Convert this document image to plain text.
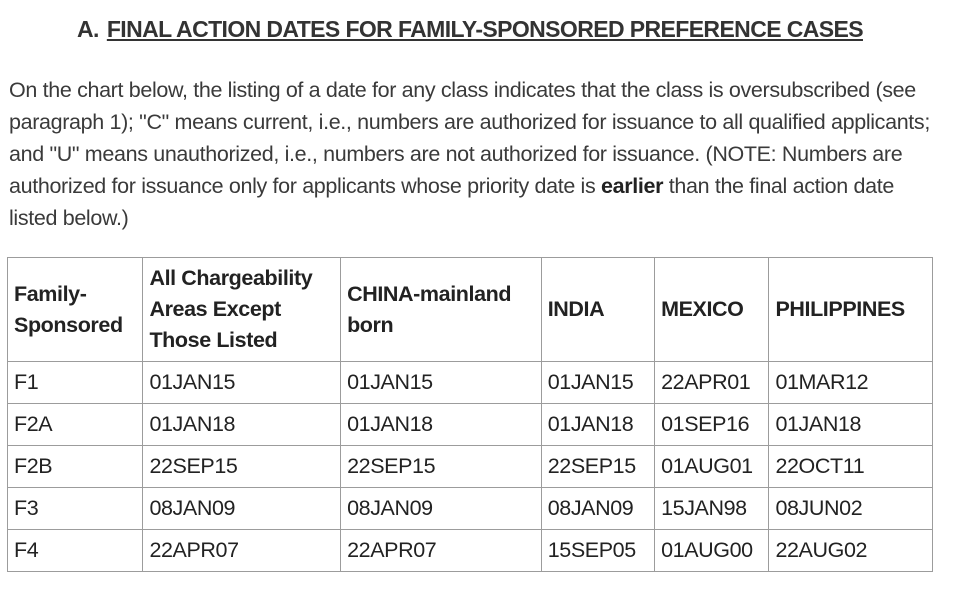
A. FINAL ACTION DATES FOR FAMILY-SPONSORED PREFERENCE CASES

On the chart below, the listing of a date for any class indicates that the class is oversubscribed (see paragraph 1); "C" means current, i.e., numbers are authorized for issuance to all qualified applicants; and "U" means unauthorized, i.e., numbers are not authorized for issuance. (NOTE: Numbers are authorized for issuance only for applicants whose priority date is earlier than the final action date listed below.)

Family-Sponsored	All Chargeability Areas Except Those Listed	CHINA-mainland born	INDIA	MEXICO	PHILIPPINES
F1	01JAN15	01JAN15	01JAN15	22APR01	01MAR12
F2A	01JAN18	01JAN18	01JAN18	01SEP16	01JAN18
F2B	22SEP15	22SEP15	22SEP15	01AUG01	22OCT11
F3	08JAN09	08JAN09	08JAN09	15JAN98	08JUN02
F4	22APR07	22APR07	15SEP05	01AUG00	22AUG02
